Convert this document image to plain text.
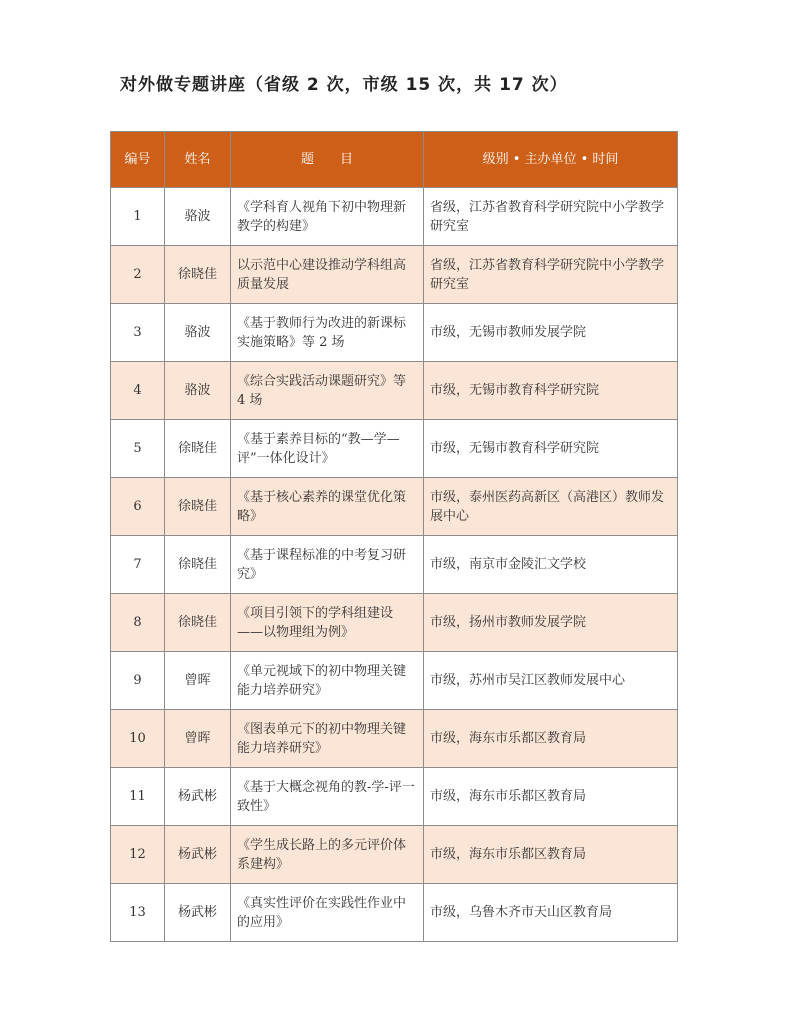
对外做专题讲座（省级 2 次，市级 15 次，共 17 次）
编号	姓名	题　　目	级别 • 主办单位 • 时间
1	骆波	《学科育人视角下初中物理新教学的构建》	省级，江苏省教育科学研究院中小学教学研究室
2	徐晓佳	以示范中心建设推动学科组高质量发展	省级，江苏省教育科学研究院中小学教学研究室
3	骆波	《基于教师行为改进的新课标实施策略》等 2 场	市级，无锡市教师发展学院
4	骆波	《综合实践活动课题研究》等 4 场	市级，无锡市教育科学研究院
5	徐晓佳	《基于素养目标的“教—学—评”一体化设计》	市级，无锡市教育科学研究院
6	徐晓佳	《基于核心素养的课堂优化策略》	市级，泰州医药高新区（高港区）教师发展中心
7	徐晓佳	《基于课程标准的中考复习研究》	市级，南京市金陵汇文学校
8	徐晓佳	《项目引领下的学科组建设——以物理组为例》	市级，扬州市教师发展学院
9	曾晖	《单元视域下的初中物理关键能力培养研究》	市级，苏州市吴江区教师发展中心
10	曾晖	《图表单元下的初中物理关键能力培养研究》	市级，海东市乐都区教育局
11	杨武彬	《基于大概念视角的教-学-评一致性》	市级，海东市乐都区教育局
12	杨武彬	《学生成长路上的多元评价体系建构》	市级，海东市乐都区教育局
13	杨武彬	《真实性评价在实践性作业中的应用》	市级，乌鲁木齐市天山区教育局
